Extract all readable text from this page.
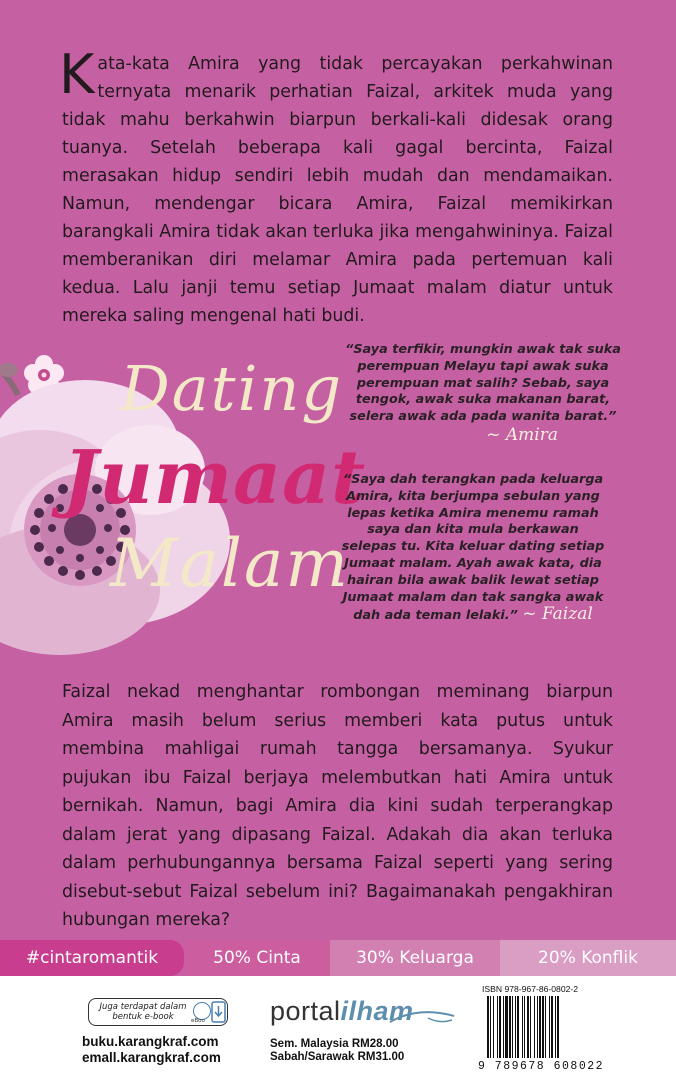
Kata-kata Amira yang tidak percayakan perkahwinan ternyata menarik perhatian Faizal, arkitek muda yang tidak mahu berkahwin biarpun berkali-kali didesak orang tuanya. Setelah beberapa kali gagal bercinta, Faizal merasakan hidup sendiri lebih mudah dan mendamaikan. Namun, mendengar bicara Amira, Faizal memikirkan barangkali Amira tidak akan terluka jika mengahwininya. Faizal memberanikan diri melamar Amira pada pertemuan kali kedua. Lalu janji temu setiap Jumaat malam diatur untuk mereka saling mengenal hati budi.
Dating
Jumaat
Malam
“Saya terfikir, mungkin awak tak suka perempuan Melayu tapi awak suka perempuan mat salih? Sebab, saya tengok, awak suka makanan barat, selera awak ada pada wanita barat.”
~ Amira
“Saya dah terangkan pada keluarga Amira, kita berjumpa sebulan yang lepas ketika Amira menemu ramah saya dan kita mula berkawan selepas tu. Kita keluar dating setiap Jumaat malam. Ayah awak kata, dia hairan bila awak balik lewat setiap Jumaat malam dan tak sangka awak dah ada teman lelaki.” ~ Faizal
Faizal nekad menghantar rombongan meminang biarpun Amira masih belum serius memberi kata putus untuk membina mahligai rumah tangga bersamanya. Syukur pujukan ibu Faizal berjaya melembutkan hati Amira untuk bernikah. Namun, bagi Amira dia kini sudah terperangkap dalam jerat yang dipasang Faizal. Adakah dia akan terluka dalam perhubungannya bersama Faizal seperti yang sering disebut-sebut Faizal sebelum ini? Bagaimanakah pengakhiran hubungan mereka?
#cintaromantik	50% Cinta	30% Keluarga	20% Konflik
Juga terdapat dalam bentuk e-book	eBoo
buku.karangkraf.com
emall.karangkraf.com
portalilham
Sem. Malaysia RM28.00
Sabah/Sarawak RM31.00
ISBN 978-967-86-0802-2
9 789678 608022
